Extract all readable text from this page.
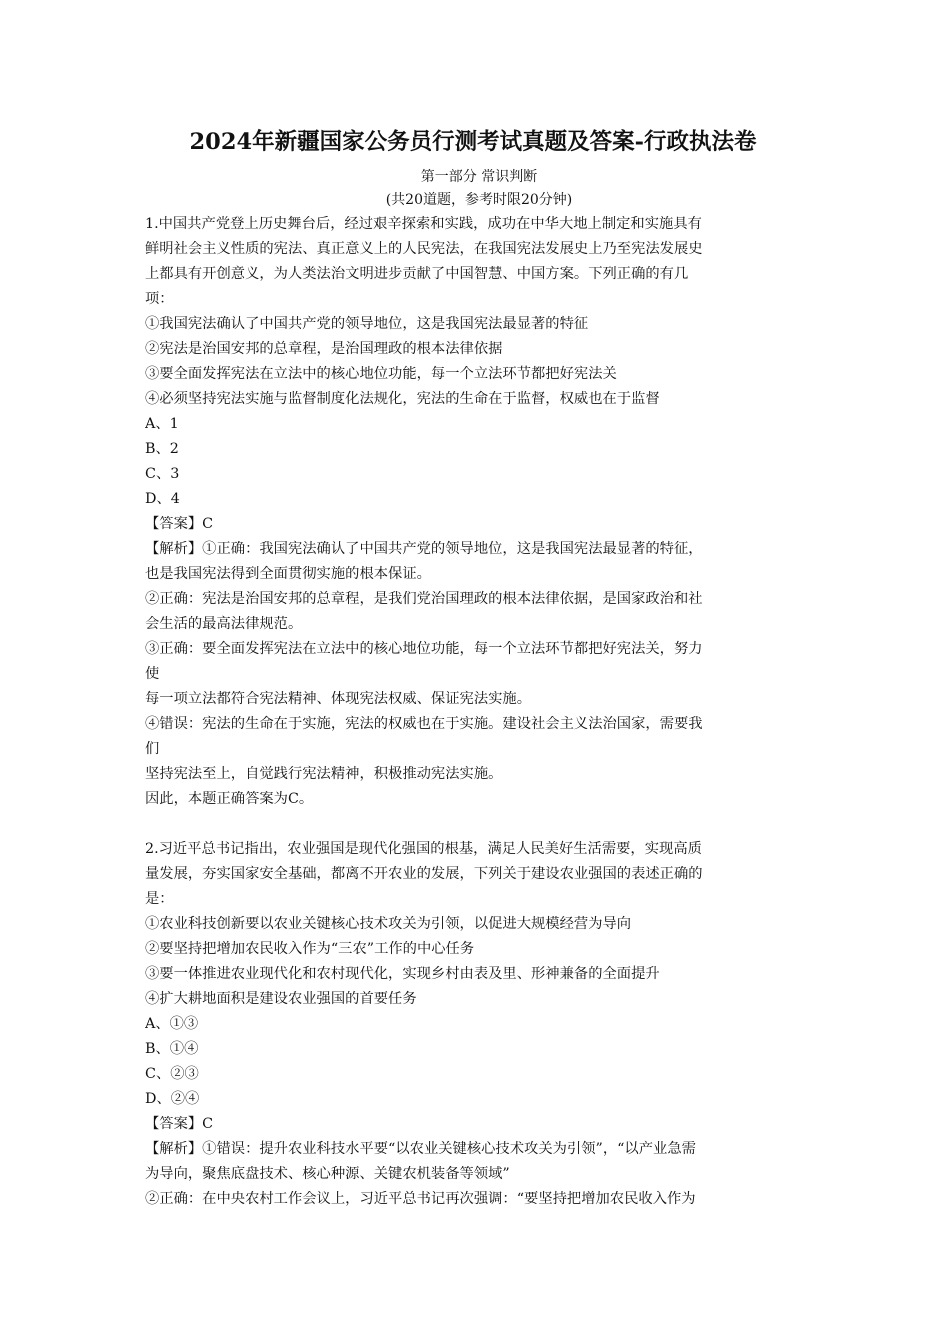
2024年新疆国家公务员行测考试真题及答案-行政执法卷
第一部分 常识判断
(共20道题，参考时限20分钟)
1.中国共产党登上历史舞台后，经过艰辛探索和实践，成功在中华大地上制定和实施具有
鲜明社会主义性质的宪法、真正意义上的人民宪法，在我国宪法发展史上乃至宪法发展史
上都具有开创意义，为人类法治文明进步贡献了中国智慧、中国方案。下列正确的有几
项：
①我国宪法确认了中国共产党的领导地位，这是我国宪法最显著的特征
②宪法是治国安邦的总章程，是治国理政的根本法律依据
③要全面发挥宪法在立法中的核心地位功能，每一个立法环节都把好宪法关
④必须坚持宪法实施与监督制度化法规化，宪法的生命在于监督，权威也在于监督
A、1
B、2
C、3
D、4
【答案】C
【解析】①正确：我国宪法确认了中国共产党的领导地位，这是我国宪法最显著的特征，
也是我国宪法得到全面贯彻实施的根本保证。
②正确：宪法是治国安邦的总章程，是我们党治国理政的根本法律依据，是国家政治和社
会生活的最高法律规范。
③正确：要全面发挥宪法在立法中的核心地位功能，每一个立法环节都把好宪法关，努力
使
每一项立法都符合宪法精神、体现宪法权威、保证宪法实施。
④错误：宪法的生命在于实施，宪法的权威也在于实施。建设社会主义法治国家，需要我
们
坚持宪法至上，自觉践行宪法精神，积极推动宪法实施。
因此，本题正确答案为C。
2.习近平总书记指出，农业强国是现代化强国的根基，满足人民美好生活需要，实现高质
量发展，夯实国家安全基础，都离不开农业的发展，下列关于建设农业强国的表述正确的
是：
①农业科技创新要以农业关键核心技术攻关为引领，以促进大规模经营为导向
②要坚持把增加农民收入作为“三农”工作的中心任务
③要一体推进农业现代化和农村现代化，实现乡村由表及里、形神兼备的全面提升
④扩大耕地面积是建设农业强国的首要任务
A、①③
B、①④
C、②③
D、②④
【答案】C
【解析】①错误：提升农业科技水平要“以农业关键核心技术攻关为引领”，“以产业急需
为导向，聚焦底盘技术、核心种源、关键农机装备等领域”
②正确：在中央农村工作会议上，习近平总书记再次强调：“要坚持把增加农民收入作为
